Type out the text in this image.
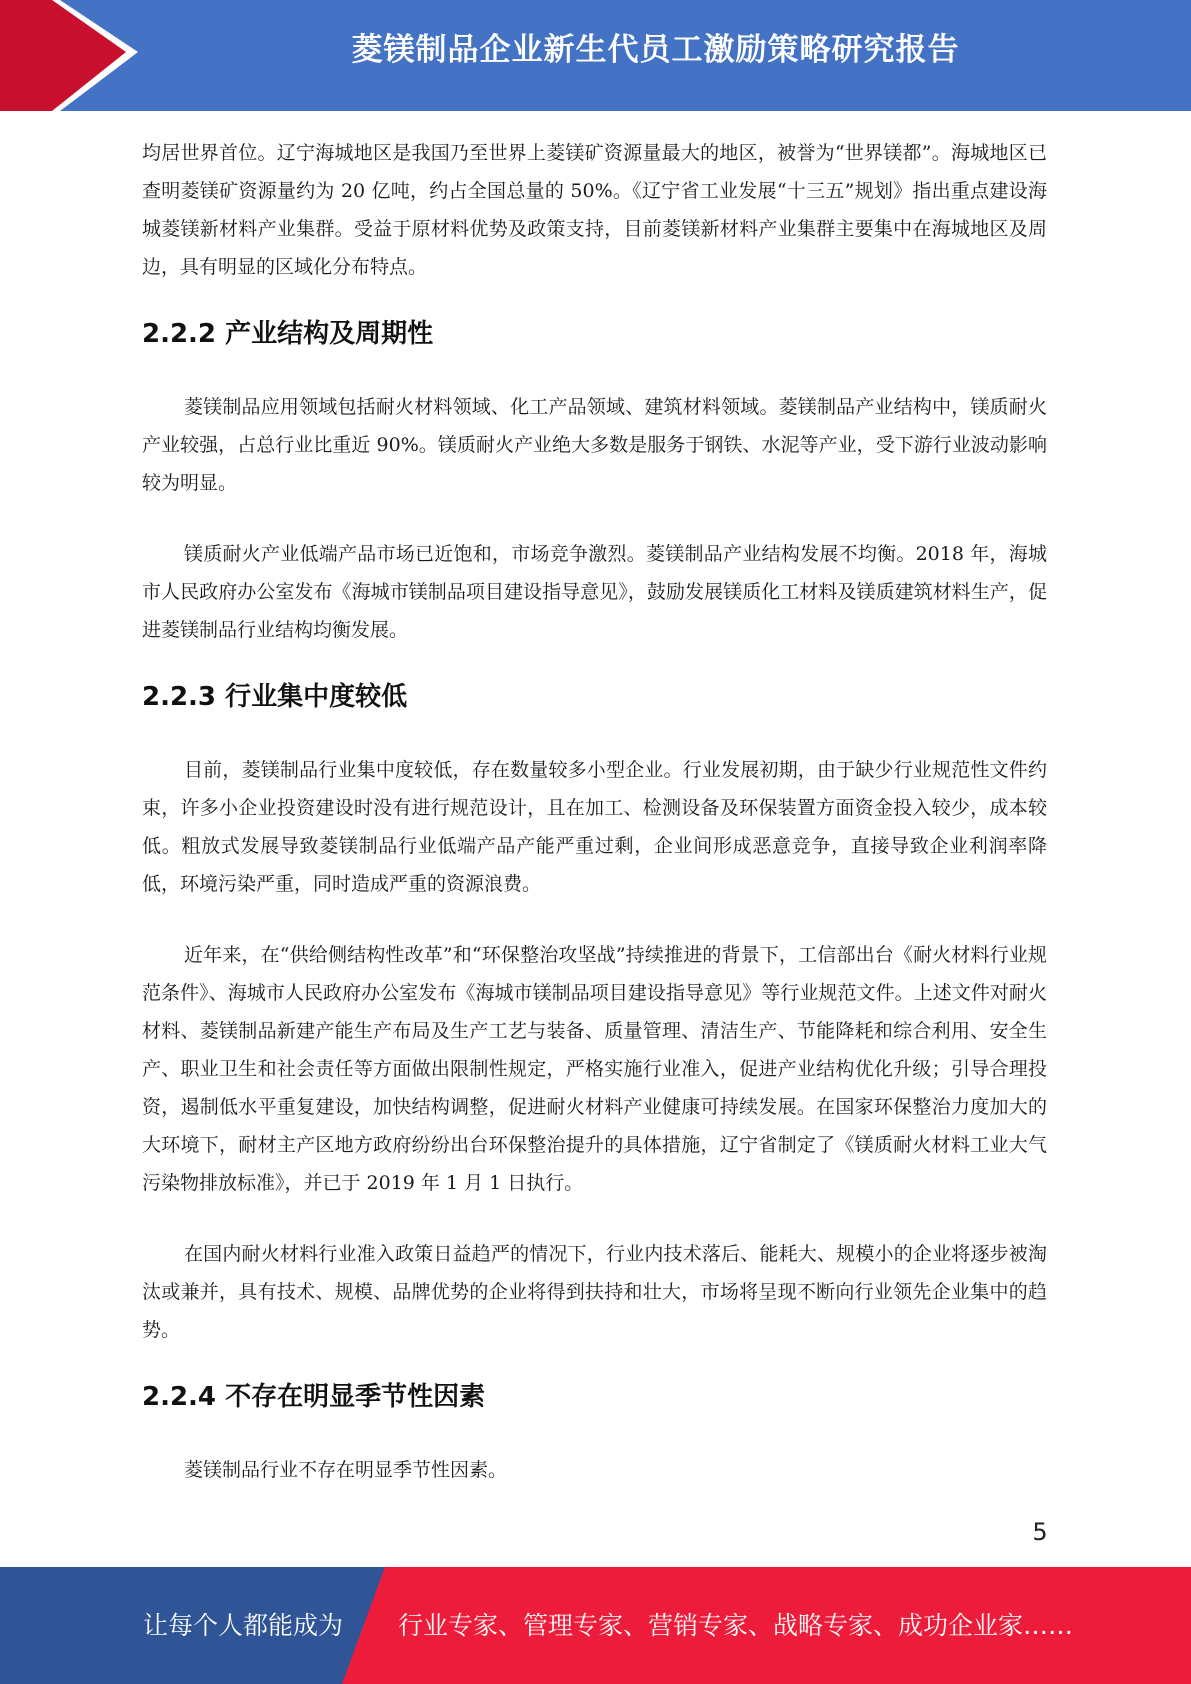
菱镁制品企业新生代员工激励策略研究报告

均居世界首位。辽宁海城地区是我国乃至世界上菱镁矿资源量最大的地区，被誉为“世界镁都”。海城地区已查明菱镁矿资源量约为 20 亿吨，约占全国总量的 50%。《辽宁省工业发展“十三五”规划》指出重点建设海城菱镁新材料产业集群。受益于原材料优势及政策支持，目前菱镁新材料产业集群主要集中在海城地区及周边，具有明显的区域化分布特点。

2.2.2 产业结构及周期性

菱镁制品应用领域包括耐火材料领域、化工产品领域、建筑材料领域。菱镁制品产业结构中，镁质耐火产业较强，占总行业比重近 90%。镁质耐火产业绝大多数是服务于钢铁、水泥等产业，受下游行业波动影响较为明显。

镁质耐火产业低端产品市场已近饱和，市场竞争激烈。菱镁制品产业结构发展不均衡。2018 年，海城市人民政府办公室发布《海城市镁制品项目建设指导意见》，鼓励发展镁质化工材料及镁质建筑材料生产，促进菱镁制品行业结构均衡发展。

2.2.3 行业集中度较低

目前，菱镁制品行业集中度较低，存在数量较多小型企业。行业发展初期，由于缺少行业规范性文件约束，许多小企业投资建设时没有进行规范设计，且在加工、检测设备及环保装置方面资金投入较少，成本较低。粗放式发展导致菱镁制品行业低端产品产能严重过剩，企业间形成恶意竞争，直接导致企业利润率降低，环境污染严重，同时造成严重的资源浪费。

近年来，在“供给侧结构性改革”和“环保整治攻坚战”持续推进的背景下，工信部出台《耐火材料行业规范条件》、海城市人民政府办公室发布《海城市镁制品项目建设指导意见》等行业规范文件。上述文件对耐火材料、菱镁制品新建产能生产布局及生产工艺与装备、质量管理、清洁生产、节能降耗和综合利用、安全生产、职业卫生和社会责任等方面做出限制性规定，严格实施行业准入，促进产业结构优化升级；引导合理投资，遏制低水平重复建设，加快结构调整，促进耐火材料产业健康可持续发展。在国家环保整治力度加大的大环境下，耐材主产区地方政府纷纷出台环保整治提升的具体措施，辽宁省制定了《镁质耐火材料工业大气污染物排放标准》，并已于 2019 年 1 月 1 日执行。

在国内耐火材料行业准入政策日益趋严的情况下，行业内技术落后、能耗大、规模小的企业将逐步被淘汰或兼并，具有技术、规模、品牌优势的企业将得到扶持和壮大，市场将呈现不断向行业领先企业集中的趋势。

2.2.4 不存在明显季节性因素

菱镁制品行业不存在明显季节性因素。

5
让每个人都能成为 行业专家、管理专家、营销专家、战略专家、成功企业家……
